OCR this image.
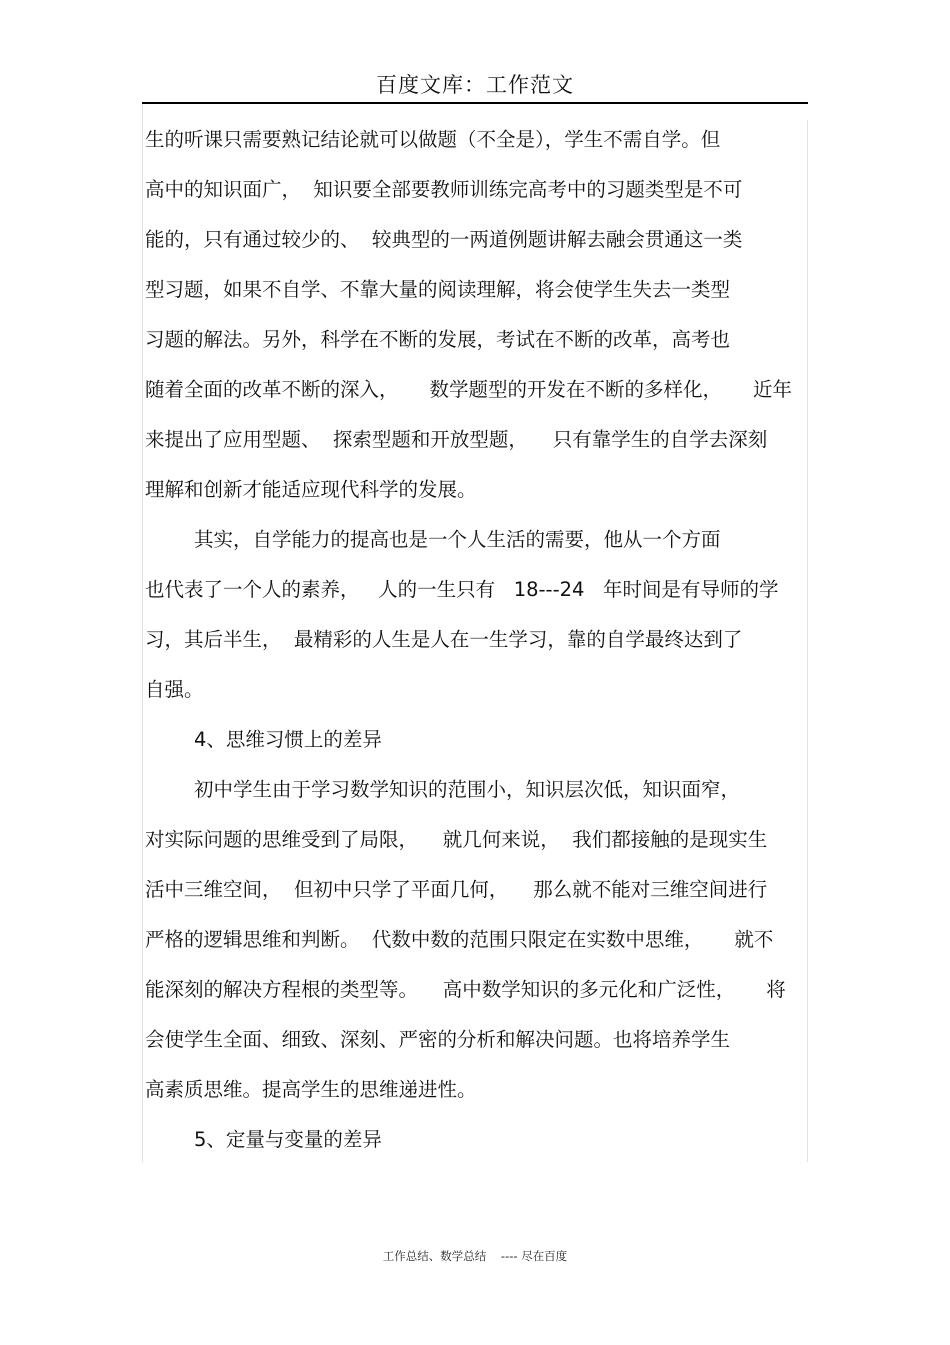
百度文库：工作范文
生的听课只需要熟记结论就可以做题（不全是），学生不需自学。但
高中的知识面广，  知识要全部要教师训练完高考中的习题类型是不可
能的，只有通过较少的、  较典型的一两道例题讲解去融会贯通这一类
型习题，如果不自学、不靠大量的阅读理解，将会使学生失去一类型
习题的解法。另外，科学在不断的发展，考试在不断的改革，高考也
随着全面的改革不断的深入，     数学题型的开发在不断的多样化，     近年
来提出了应用型题、  探索型题和开放型题，    只有靠学生的自学去深刻
理解和创新才能适应现代科学的发展。
其实，自学能力的提高也是一个人生活的需要，他从一个方面
也代表了一个人的素养，   人的一生只有   18---24   年时间是有导师的学
习，其后半生，  最精彩的人生是人在一生学习，靠的自学最终达到了
自强。
4、思维习惯上的差异
初中学生由于学习数学知识的范围小，知识层次低，知识面窄，
对实际问题的思维受到了局限，    就几何来说，  我们都接触的是现实生
活中三维空间，  但初中只学了平面几何，    那么就不能对三维空间进行
严格的逻辑思维和判断。  代数中数的范围只限定在实数中思维，     就不
能深刻的解决方程根的类型等。    高中数学知识的多元化和广泛性，     将
会使学生全面、细致、深刻、严密的分析和解决问题。也将培养学生
高素质思维。提高学生的思维递进性。
5、定量与变量的差异
工作总结、数学总结    ---- 尽在百度
